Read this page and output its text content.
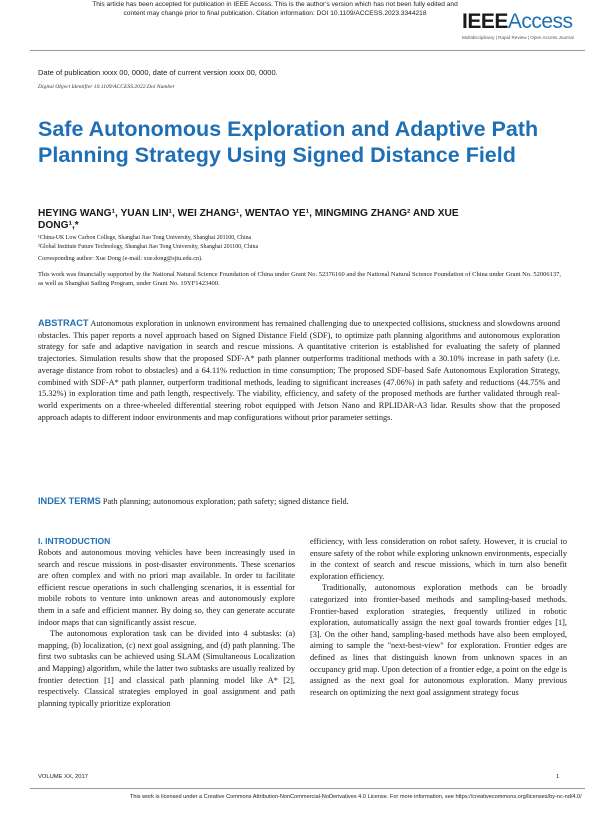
This article has been accepted for publication in IEEE Access. This is the author's version which has not been fully edited and
content may change prior to final publication. Citation information: DOI 10.1109/ACCESS.2023.3344218	IEEEAccess
Multidisciplinary | Rapid Review | Open Access Journal
Date of publication xxxx 00, 0000, date of current version xxxx 00, 0000.
Digital Object Identifier 10.1109/ACCESS.2022.Doi Number
Safe Autonomous Exploration and Adaptive Path Planning Strategy Using Signed Distance Field
HEYING WANG¹, YUAN LIN¹, WEI ZHANG¹, WENTAO YE¹, MINGMING ZHANG² AND XUE DONG¹,*
¹China-UK Low Carbon College, Shanghai Jiao Tong University, Shanghai 201100, China
²Global Institute Future Technology, Shanghai Jiao Tong University, Shanghai 201100, China
Corresponding author: Xue Dong (e-mail: xue.dong@sjtu.edu.cn).
This work was financially supported by the National Natural Science Foundation of China under Grant No. 52376160 and the National Natural Science Foundation of China under Grant No. 52006137, as well as Shanghai Sailing Program, under Grant No. 19YF1423400.
ABSTRACT Autonomous exploration in unknown environment has remained challenging due to unexpected collisions, stuckness and slowdowns around obstacles. This paper reports a novel approach based on Signed Distance Field (SDF), to optimize path planning algorithms and autonomous exploration strategy for safe and adaptive navigation in search and rescue missions. A quantitative criterion is established for evaluating the safety of planned trajectories. Simulation results show that the proposed SDF-A* path planner outperforms traditional methods with a 30.10% increase in path safety (i.e. average distance from robot to obstacles) and a 64.11% reduction in time consumption; The proposed SDF-based Safe Autonomous Exploration Strategy, combined with SDF-A* path planner, outperform traditional methods, leading to significant increases (47.06%) in path safety and reductions (44.75% and 15.32%) in exploration time and path length, respectively. The viability, efficiency, and safety of the proposed methods are further validated through real-world experiments on a three-wheeled differential steering robot equipped with Jetson Nano and RPLIDAR-A3 lidar. Results show that the proposed approach adapts to different indoor environments and map configurations without prior parameter settings.
INDEX TERMS Path planning; autonomous exploration; path safety; signed distance field.
I. INTRODUCTION

Robots and autonomous moving vehicles have been increasingly used in search and rescue missions in post-disaster environments. These scenarios are often complex and with no priori map available. In order to facilitate efficient rescue operations in such challenging scenarios, it is essential for mobile robots to venture into unknown areas and autonomously explore them in a safe and efficient manner. By doing so, they can generate accurate indoor maps that can significantly assist rescue.

The autonomous exploration task can be divided into 4 subtasks: (a) mapping, (b) localization, (c) next goal assigning, and (d) path planning. The first two subtasks can be achieved using SLAM (Simultaneous Localization and Mapping) algorithm, while the latter two subtasks are usually realized by frontier detection [1] and classical path planning model like A* [2], respectively. Classical strategies employed in goal assignment and path planning typically prioritize exploration

efficiency, with less consideration on robot safety. However, it is crucial to ensure safety of the robot while exploring unknown environments, especially in the context of search and rescue missions, which in turn also benefit exploration efficiency.

Traditionally, autonomous exploration methods can be broadly categorized into frontier-based methods and sampling-based methods. Frontier-based exploration strategies, frequently utilized in robotic exploration, automatically assign the next goal towards frontier edges [1], [3]. On the other hand, sampling-based methods have also been employed, aiming to sample the "next-best-view" for exploration. Frontier edges are defined as lines that distinguish known from unknown spaces in an occupancy grid map. Upon detection of a frontier edge, a point on the edge is assigned as the next goal for autonomous exploration. Many previous research on optimizing the next goal assignment strategy focus

VOLUME XX, 2017	1
This work is licensed under a Creative Commons Attribution-NonCommercial-NoDerivatives 4.0 License. For more information, see https://creativecommons.org/licenses/by-nc-nd/4.0/
